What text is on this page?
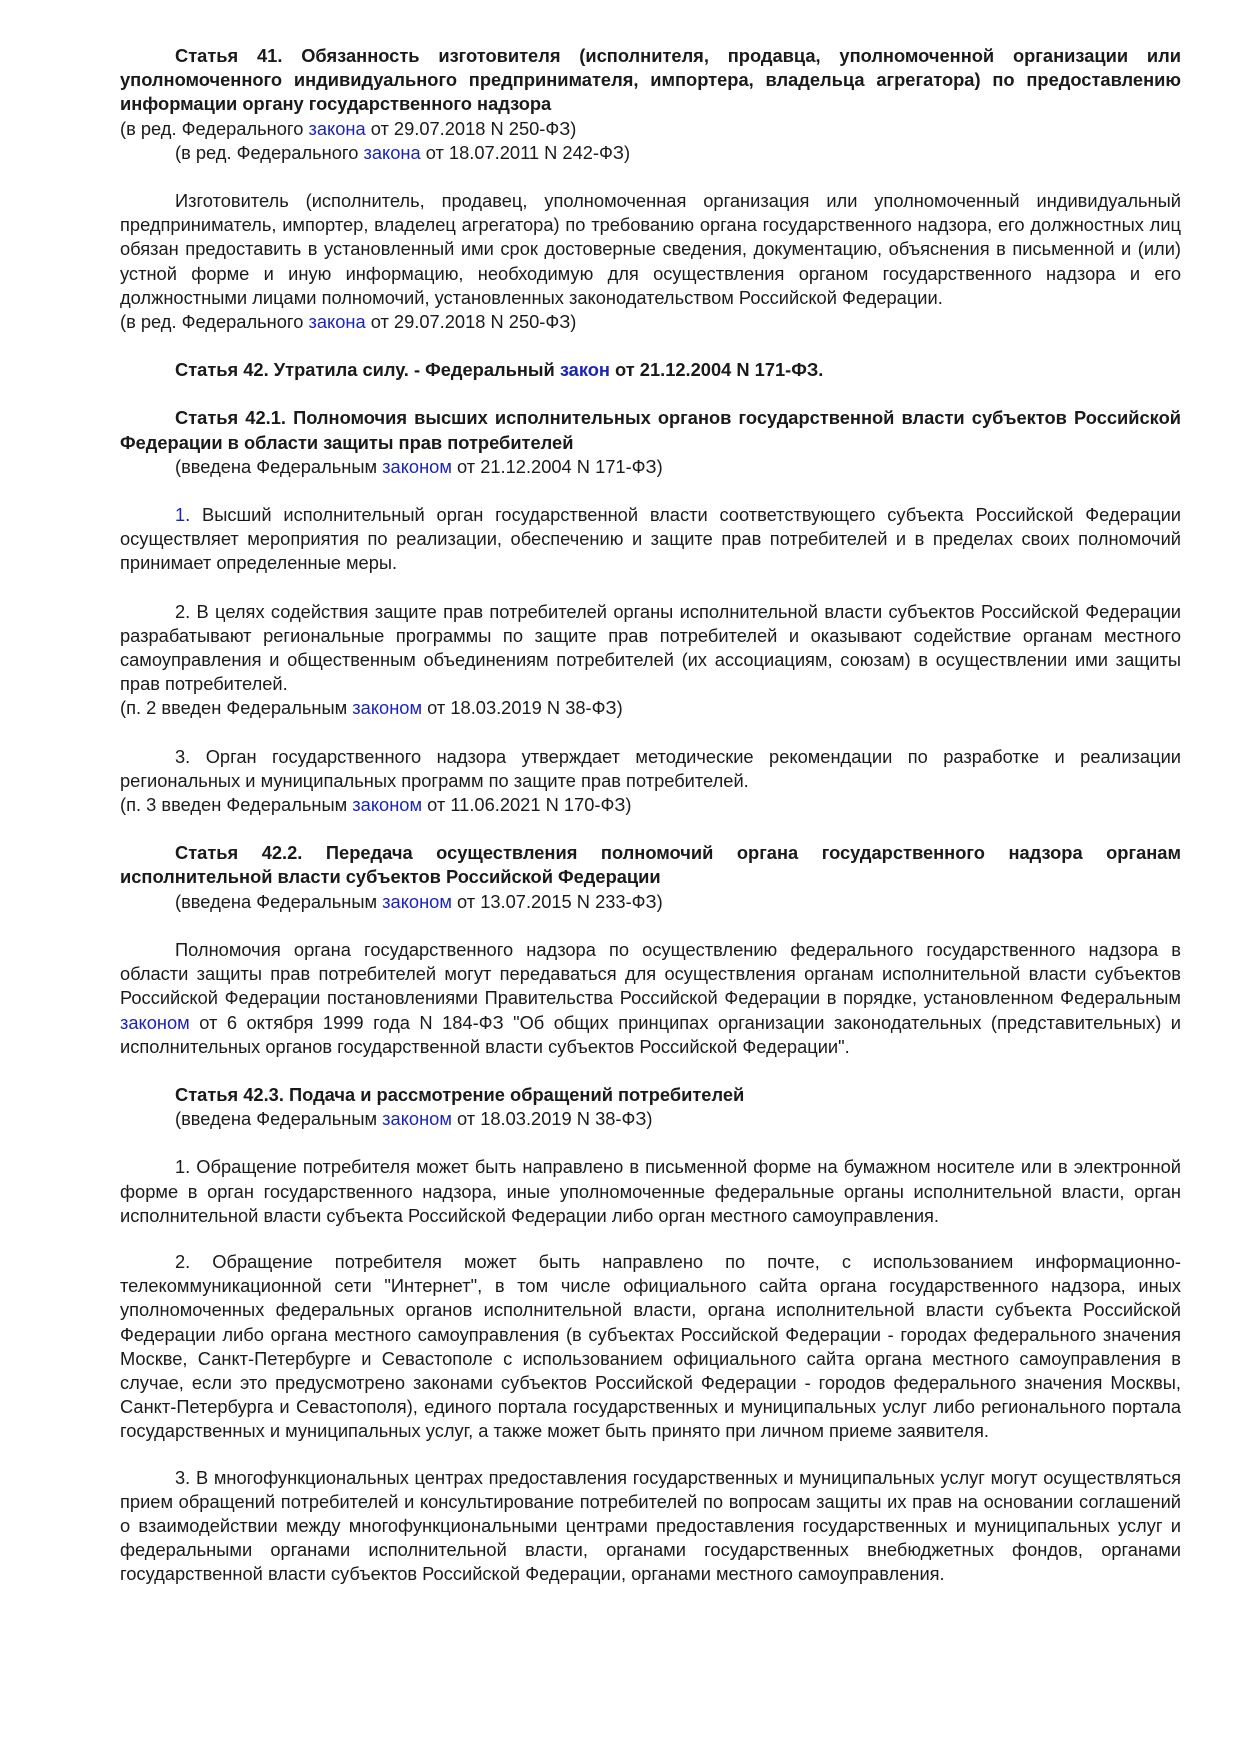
Статья 41. Обязанность изготовителя (исполнителя, продавца, уполномоченной организации или уполномоченного индивидуального предпринимателя, импортера, владельца агрегатора) по предоставлению информации органу государственного надзора

(в ред. Федерального закона от 29.07.2018 N 250-ФЗ)

(в ред. Федерального закона от 18.07.2011 N 242-ФЗ)

Изготовитель (исполнитель, продавец, уполномоченная организация или уполномоченный индивидуальный предприниматель, импортер, владелец агрегатора) по требованию органа государственного надзора, его должностных лиц обязан предоставить в установленный ими срок достоверные сведения, документацию, объяснения в письменной и (или) устной форме и иную информацию, необходимую для осуществления органом государственного надзора и его должностными лицами полномочий, установленных законодательством Российской Федерации.

(в ред. Федерального закона от 29.07.2018 N 250-ФЗ)

Статья 42. Утратила силу. - Федеральный закон от 21.12.2004 N 171-ФЗ.

Статья 42.1. Полномочия высших исполнительных органов государственной власти субъектов Российской Федерации в области защиты прав потребителей

(введена Федеральным законом от 21.12.2004 N 171-ФЗ)

1. Высший исполнительный орган государственной власти соответствующего субъекта Российской Федерации осуществляет мероприятия по реализации, обеспечению и защите прав потребителей и в пределах своих полномочий принимает определенные меры.

2. В целях содействия защите прав потребителей органы исполнительной власти субъектов Российской Федерации разрабатывают региональные программы по защите прав потребителей и оказывают содействие органам местного самоуправления и общественным объединениям потребителей (их ассоциациям, союзам) в осуществлении ими защиты прав потребителей.

(п. 2 введен Федеральным законом от 18.03.2019 N 38-ФЗ)

3. Орган государственного надзора утверждает методические рекомендации по разработке и реализации региональных и муниципальных программ по защите прав потребителей.

(п. 3 введен Федеральным законом от 11.06.2021 N 170-ФЗ)

Статья 42.2. Передача осуществления полномочий органа государственного надзора органам исполнительной власти субъектов Российской Федерации

(введена Федеральным законом от 13.07.2015 N 233-ФЗ)

Полномочия органа государственного надзора по осуществлению федерального государственного надзора в области защиты прав потребителей могут передаваться для осуществления органам исполнительной власти субъектов Российской Федерации постановлениями Правительства Российской Федерации в порядке, установленном Федеральным законом от 6 октября 1999 года N 184-ФЗ "Об общих принципах организации законодательных (представительных) и исполнительных органов государственной власти субъектов Российской Федерации".

Статья 42.3. Подача и рассмотрение обращений потребителей

(введена Федеральным законом от 18.03.2019 N 38-ФЗ)

1. Обращение потребителя может быть направлено в письменной форме на бумажном носителе или в электронной форме в орган государственного надзора, иные уполномоченные федеральные органы исполнительной власти, орган исполнительной власти субъекта Российской Федерации либо орган местного самоуправления.

2. Обращение потребителя может быть направлено по почте, с использованием информационно-телекоммуникационной сети "Интернет", в том числе официального сайта органа государственного надзора, иных уполномоченных федеральных органов исполнительной власти, органа исполнительной власти субъекта Российской Федерации либо органа местного самоуправления (в субъектах Российской Федерации - городах федерального значения Москве, Санкт-Петербурге и Севастополе с использованием официального сайта органа местного самоуправления в случае, если это предусмотрено законами субъектов Российской Федерации - городов федерального значения Москвы, Санкт-Петербурга и Севастополя), единого портала государственных и муниципальных услуг либо регионального портала государственных и муниципальных услуг, а также может быть принято при личном приеме заявителя.

3. В многофункциональных центрах предоставления государственных и муниципальных услуг могут осуществляться прием обращений потребителей и консультирование потребителей по вопросам защиты их прав на основании соглашений о взаимодействии между многофункциональными центрами предоставления государственных и муниципальных услуг и федеральными органами исполнительной власти, органами государственных внебюджетных фондов, органами государственной власти субъектов Российской Федерации, органами местного самоуправления.
